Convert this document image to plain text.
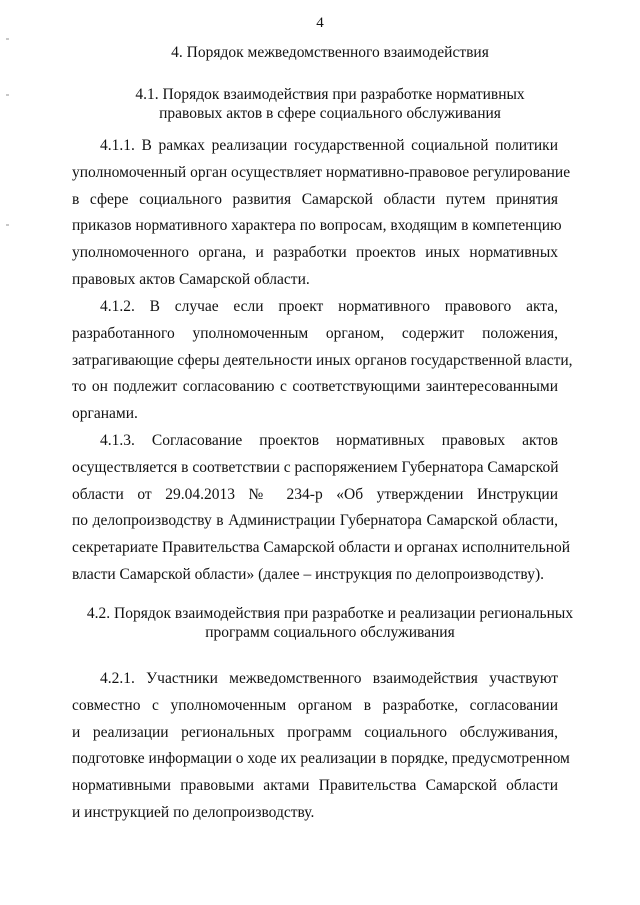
4
4. Порядок межведомственного взаимодействия
4.1. Порядок взаимодействия при разработке нормативных
правовых актов в сфере социального обслуживания
4.1.1. В рамках реализации государственной социальной политики
уполномоченный орган осуществляет нормативно-правовое регулирование
в сфере социального развития Самарской области путем принятия
приказов нормативного характера по вопросам, входящим в компетенцию
уполномоченного органа, и разработки проектов иных нормативных
правовых актов Самарской области.
4.1.2. В случае если проект нормативного правового акта,
разработанного уполномоченным органом, содержит положения,
затрагивающие сферы деятельности иных органов государственной власти,
то он подлежит согласованию с соответствующими заинтересованными
органами.
4.1.3. Согласование проектов нормативных правовых актов
осуществляется в соответствии с распоряжением Губернатора Самарской
области от 29.04.2013 № 234-р «Об утверждении Инструкции
по делопроизводству в Администрации Губернатора Самарской области,
секретариате Правительства Самарской области и органах исполнительной
власти Самарской области» (далее – инструкция по делопроизводству).
4.2. Порядок взаимодействия при разработке и реализации региональных
программ социального обслуживания
4.2.1. Участники межведомственного взаимодействия участвуют
совместно с уполномоченным органом в разработке, согласовании
и реализации региональных программ социального обслуживания,
подготовке информации о ходе их реализации в порядке, предусмотренном
нормативными правовыми актами Правительства Самарской области
и инструкцией по делопроизводству.
